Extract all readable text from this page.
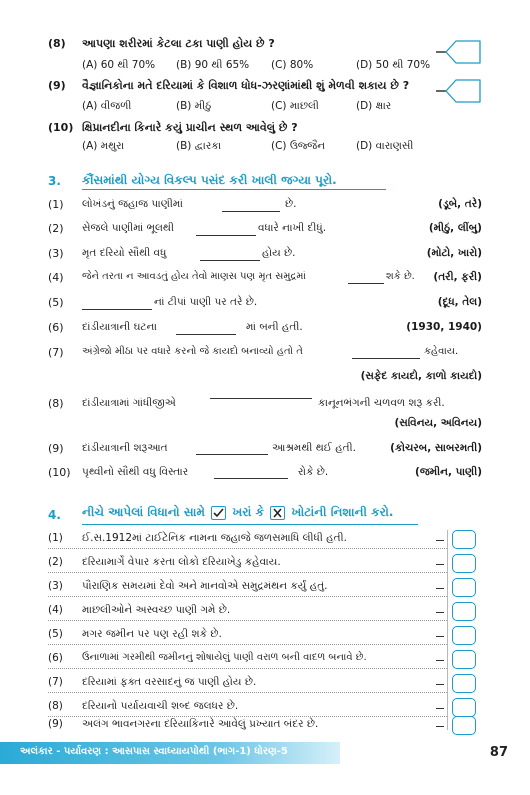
(8) આપણા શરીરમાં કેટલા ટકા પાણી હોય છે ?
(A) 60 થી 70% (B) 90 થી 65% (C) 80%	(D) 50 થી 70%
(9) વૈજ્ઞાનિકોના મતે દરિયામાં કે વિશાળ ધોધ-ઝરણાંમાંથી શું મેળવી શકાય છે ?
(A) વીજળી	(B) મીઠું	(C) માછલી	(D) ક્ષાર
(10) ક્ષિપ્રાનદીના કિનારે કયું પ્રાચીન સ્થળ આવેલું છે ?
(A) મથુરા	(B) દ્વારકા	(C) ઉજ્જૈન	(D) વારાણસી
3. કૌંસમાંથી યોગ્ય વિકલ્પ પસંદ કરી ખાલી જગ્યા પૂરો.
(1) લોખંડનું જહાજ પાણીમાં	છે.	(ડૂબે, તરે)
(2) સેજલે પાણીમાં ભૂલથી	વધારે નાખી દીધું.	(મીઠું, લીંબુ)
(3) મૃત દરિયો સૌથી વધુ	હોય છે.	(મોટો, ખારો)
(4) જેને તરતા ન આવડતું હોય તેવો માણસ પણ મૃત સમુદ્રમાં	શકે છે. (તરી, ફરી)
(5)	નાં ટીપાં પાણી પર તરે છે.	(દૂધ, તેલ)
(6) દાંડીયાત્રાની ઘટના	માં બની હતી.	(1930, 1940)
(7) અંગ્રેજો મીઠા પર વધારે કરનો જે કાયદો બનાવ્યો હતો તે	કહેવાય.
(સફેદ કાયદો, કાળો કાયદો)
(8) દાંડીયાત્રામાં ગાંધીજીએ	કાનૂનભંગની ચળવળ શરૂ કરી.
(સવિનય, અવિનય)
(9) દાંડીયાત્રાની શરૂઆત	આશ્રમથી થઈ હતી.	(કોચરબ, સાબરમતી)
(10) પૃથ્વીનો સૌથી વધુ વિસ્તાર	રોકે છે.	(જમીન, પાણી)
4. નીચે આપેલાં વિધાનો સામે ખરાં કે ખોટાંની નિશાની કરો.
(1) ઈ.સ.1912માં ટાઈટેનિક નામના જહાજે જળસમાધિ લીધી હતી.
(2) દરિયામાર્ગે વેપાર કરતા લોકો દરિયાખેડુ કહેવાય.
(3) પૌરાણિક સમયમાં દેવો અને માનવોએ સમુદ્રમંથન કર્યું હતું.
(4) માછલીઓને અસ્વચ્છ પાણી ગમે છે.
(5) મગર જમીન પર પણ રહી શકે છે.
(6) ઉનાળામાં ગરમીથી જમીનનું શોષાયેલું પાણી વરાળ બની વાદળ બનાવે છે.
(7) દરિયામાં ફક્ત વરસાદનું જ પાણી હોય છે.
(8) દરિયાનો પર્યાયવાચી શબ્દ જલધર છે.
(9) અલંગ ભાવનગરના દરિયાકિનારે આવેલું પ્રખ્યાત બંદર છે.
અલંકાર - પર્યાવરણ : આસપાસ સ્વાધ્યાયપોથી (ભાગ-1) ધોરણ-5	87
